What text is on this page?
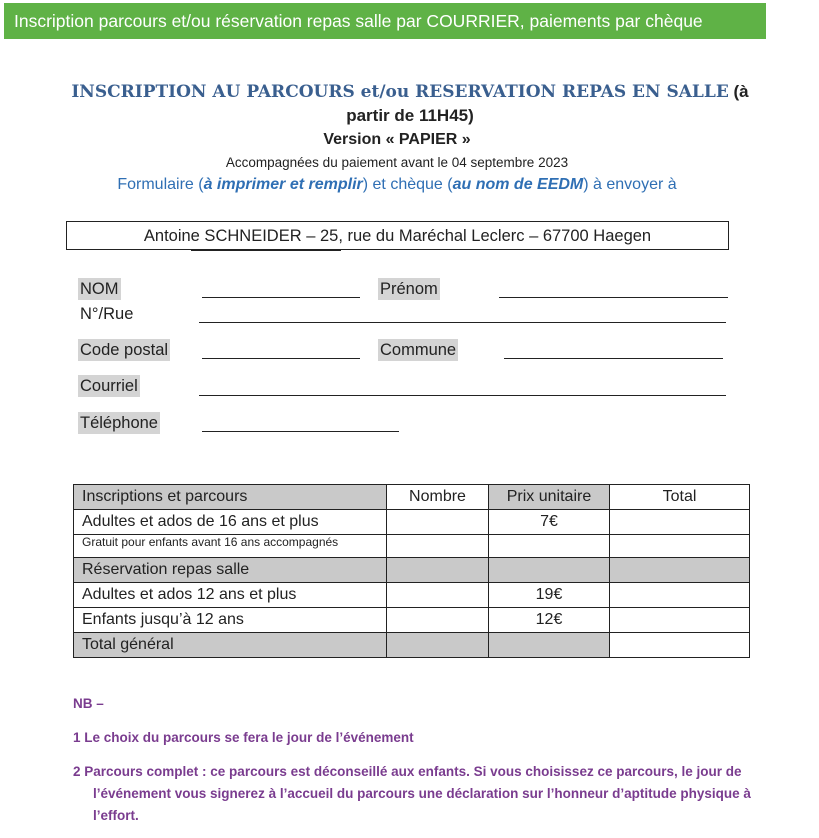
Inscription parcours et/ou réservation repas salle par COURRIER, paiements par chèque
INSCRIPTION AU PARCOURS et/ou RESERVATION REPAS EN SALLE (à
partir de 11H45)
Version « PAPIER »
Accompagnées du paiement avant le 04 septembre 2023
Formulaire (à imprimer et remplir) et chèque (au nom de EEDM) à envoyer à
Antoine SCHNEIDER – 25, rue du Maréchal Leclerc – 67700 Haegen
NOM	Prénom
N°/Rue
Code postal	Commune
Courriel
Téléphone
Inscriptions et parcours	Nombre	Prix unitaire	Total
Adultes et ados de 16 ans et plus		7€	
Gratuit pour enfants avant 16 ans accompagnés			
Réservation repas salle			
Adultes et ados 12 ans et plus		19€	
Enfants jusqu’à 12 ans		12€	
Total général			
NB –
1 Le choix du parcours se fera le jour de l’événement
2 Parcours complet : ce parcours est déconseillé aux enfants. Si vous choisissez ce parcours, le jour de
l’événement vous signerez à l’accueil du parcours une déclaration sur l’honneur d’aptitude physique à
l’effort.
